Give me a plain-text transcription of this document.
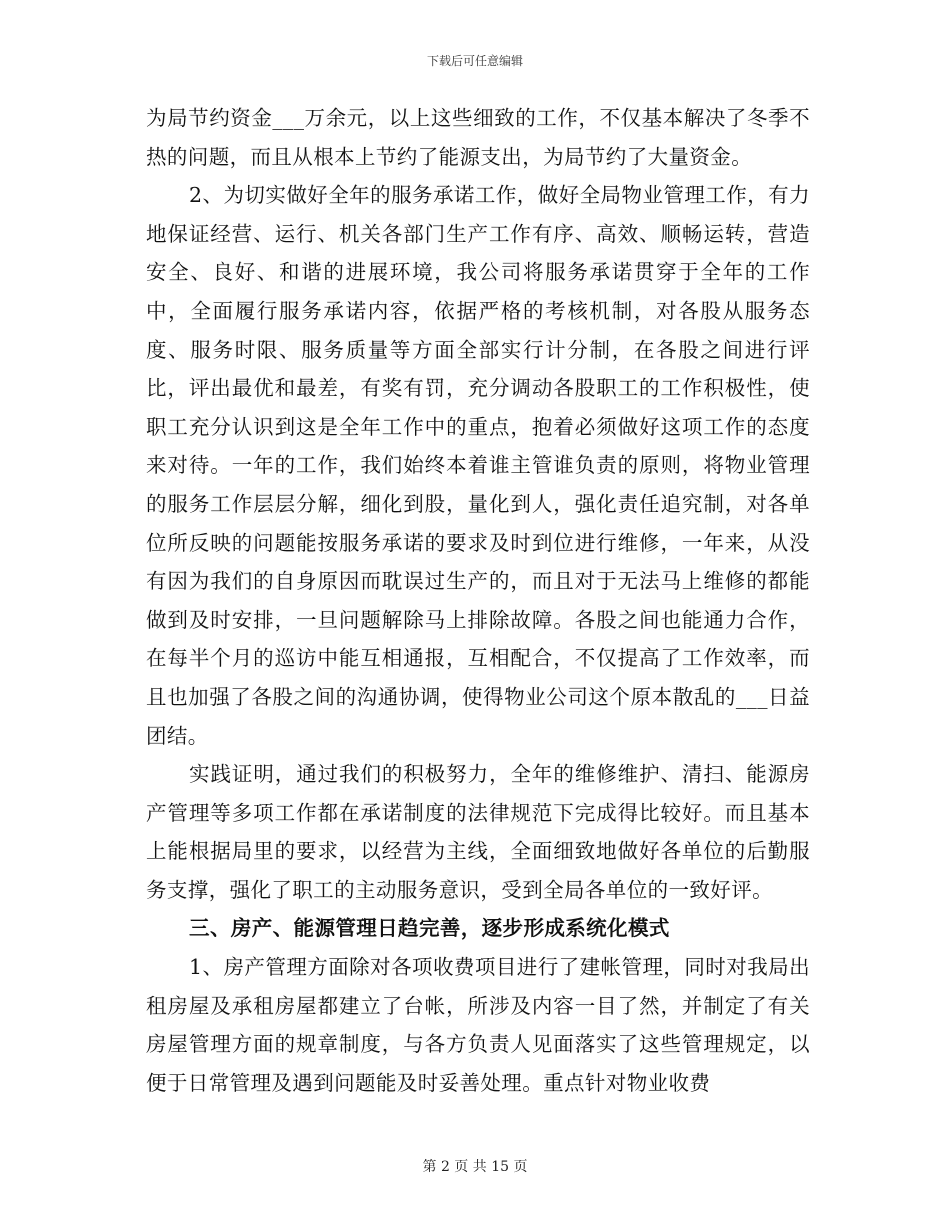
下载后可任意编辑

为局节约资金___万余元，以上这些细致的工作，不仅基本解决了冬季不热的问题，而且从根本上节约了能源支出，为局节约了大量资金。

2、为切实做好全年的服务承诺工作，做好全局物业管理工作，有力地保证经营、运行、机关各部门生产工作有序、高效、顺畅运转，营造安全、良好、和谐的进展环境，我公司将服务承诺贯穿于全年的工作中，全面履行服务承诺内容，依据严格的考核机制，对各股从服务态度、服务时限、服务质量等方面全部实行计分制，在各股之间进行评比，评出最优和最差，有奖有罚，充分调动各股职工的工作积极性，使职工充分认识到这是全年工作中的重点，抱着必须做好这项工作的态度来对待。一年的工作，我们始终本着谁主管谁负责的原则，将物业管理的服务工作层层分解，细化到股，量化到人，强化责任追究制，对各单位所反映的问题能按服务承诺的要求及时到位进行维修，一年来，从没有因为我们的自身原因而耽误过生产的，而且对于无法马上维修的都能做到及时安排，一旦问题解除马上排除故障。各股之间也能通力合作，在每半个月的巡访中能互相通报，互相配合，不仅提高了工作效率，而且也加强了各股之间的沟通协调，使得物业公司这个原本散乱的___日益团结。

实践证明，通过我们的积极努力，全年的维修维护、清扫、能源房产管理等多项工作都在承诺制度的法律规范下完成得比较好。而且基本上能根据局里的要求，以经营为主线，全面细致地做好各单位的后勤服务支撑，强化了职工的主动服务意识，受到全局各单位的一致好评。

三、房产、能源管理日趋完善，逐步形成系统化模式

1、房产管理方面除对各项收费项目进行了建帐管理，同时对我局出租房屋及承租房屋都建立了台帐，所涉及内容一目了然，并制定了有关房屋管理方面的规章制度，与各方负责人见面落实了这些管理规定，以便于日常管理及遇到问题能及时妥善处理。重点针对物业收费

第 2 页 共 15 页
